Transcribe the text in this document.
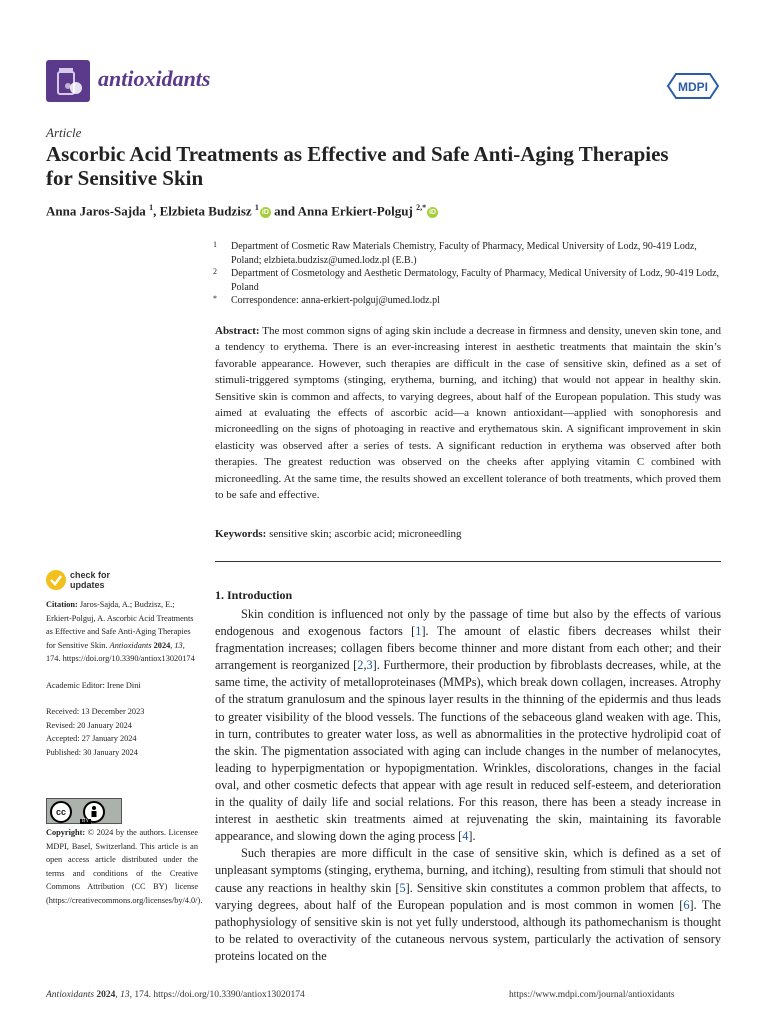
antioxidants	MDPI
Article
Ascorbic Acid Treatments as Effective and Safe Anti-Aging Therapies for Sensitive Skin
Anna Jaros-Sajda $^1$, Elzbieta Budzisz $^1$iD and Anna Erkiert-Polguj $^{2,*}$iD
1 Department of Cosmetic Raw Materials Chemistry, Faculty of Pharmacy, Medical University of Lodz, 90-419 Lodz, Poland; elzbieta.budzisz@umed.lodz.pl (E.B.)
2 Department of Cosmetology and Aesthetic Dermatology, Faculty of Pharmacy, Medical University of Lodz, 90-419 Lodz, Poland
* Correspondence: anna-erkiert-polguj@umed.lodz.pl
Abstract: The most common signs of aging skin include a decrease in firmness and density, uneven skin tone, and a tendency to erythema. There is an ever-increasing interest in aesthetic treatments that maintain the skin’s favorable appearance. However, such therapies are difficult in the case of sensitive skin, defined as a set of stimuli-triggered symptoms (stinging, erythema, burning, and itching) that would not appear in healthy skin. Sensitive skin is common and affects, to varying degrees, about half of the European population. This study was aimed at evaluating the effects of ascorbic acid—a known antioxidant—applied with sonophoresis and microneedling on the signs of photoaging in reactive and erythematous skin. A significant improvement in skin elasticity was observed after a series of tests. A significant reduction in erythema was observed after both therapies. The greatest reduction was observed on the cheeks after applying vitamin C combined with microneedling. At the same time, the results showed an excellent tolerance of both treatments, which proved them to be safe and effective.
Keywords: sensitive skin; ascorbic acid; microneedling
check for
updates

Citation: Jaros-Sajda, A.; Budzisz, E.; Erkiert-Polguj, A. Ascorbic Acid Treatments as Effective and Safe Anti-Aging Therapies for Sensitive Skin. Antioxidants 2024, 13, 174. https://doi.org/10.3390/antiox13020174

Academic Editor: Irene Dini

Received: 13 December 2023

Revised: 20 January 2024

Accepted: 27 January 2024

Published: 30 January 2024

cc
BY
Copyright: © 2024 by the authors. Licensee MDPI, Basel, Switzerland. This article is an open access article distributed under the terms and conditions of the Creative Commons Attribution (CC BY) license (https://creativecommons.org/licenses/by/4.0/).
1. Introduction

Skin condition is influenced not only by the passage of time but also by the effects of various endogenous and exogenous factors [1]. The amount of elastic fibers decreases whilst their fragmentation increases; collagen fibers become thinner and more distant from each other; and their arrangement is reorganized [2,3]. Furthermore, their production by fibroblasts decreases, while, at the same time, the activity of metalloproteinases (MMPs), which break down collagen, increases. Atrophy of the stratum granulosum and the spinous layer results in the thinning of the epidermis and thus leads to greater visibility of the blood vessels. The functions of the sebaceous gland weaken with age. This, in turn, contributes to greater water loss, as well as abnormalities in the protective hydrolipid coat of the skin. The pigmentation associated with aging can include changes in the number of melanocytes, leading to hyperpigmentation or hypopigmentation. Wrinkles, discolorations, changes in the facial oval, and other cosmetic defects that appear with age result in reduced self-esteem, and deterioration in the quality of daily life and social relations. For this reason, there has been a steady increase in interest in aesthetic skin treatments aimed at rejuvenating the skin, maintaining its favorable appearance, and slowing down the aging process [4].

Such therapies are more difficult in the case of sensitive skin, which is defined as a set of unpleasant symptoms (stinging, erythema, burning, and itching), resulting from stimuli that should not cause any reactions in healthy skin [5]. Sensitive skin constitutes a common problem that affects, to varying degrees, about half of the European population and is most common in women [6]. The pathophysiology of sensitive skin is not yet fully understood, although its pathomechanism is thought to be related to overactivity of the cutaneous nervous system, particularly the activation of sensory proteins located on the

Antioxidants 2024, 13, 174. https://doi.org/10.3390/antiox13020174	https://www.mdpi.com/journal/antioxidants
